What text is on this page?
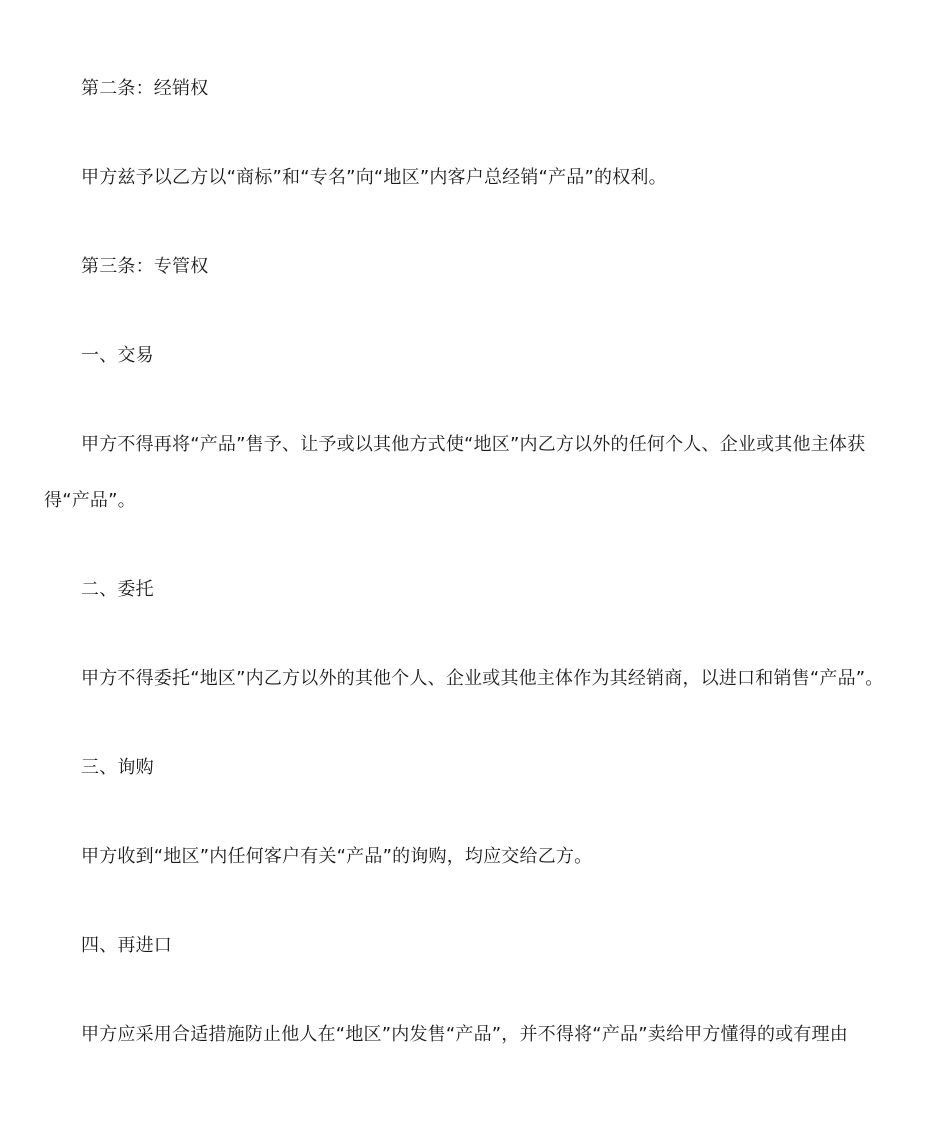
第二条：经销权
甲方兹予以乙方以“商标”和“专名”向“地区”内客户总经销“产品”的权利。
第三条：专管权
一、交易
甲方不得再将“产品”售予、让予或以其他方式使“地区”内乙方以外的任何个人、企业或其他主体获
得“产品”。
二、委托
甲方不得委托“地区”内乙方以外的其他个人、企业或其他主体作为其经销商，以进口和销售“产品”。
三、询购
甲方收到“地区”内任何客户有关“产品”的询购，均应交给乙方。
四、再进口
甲方应采用合适措施防止他人在“地区”内发售“产品”，并不得将“产品”卖给甲方懂得的或有理由
